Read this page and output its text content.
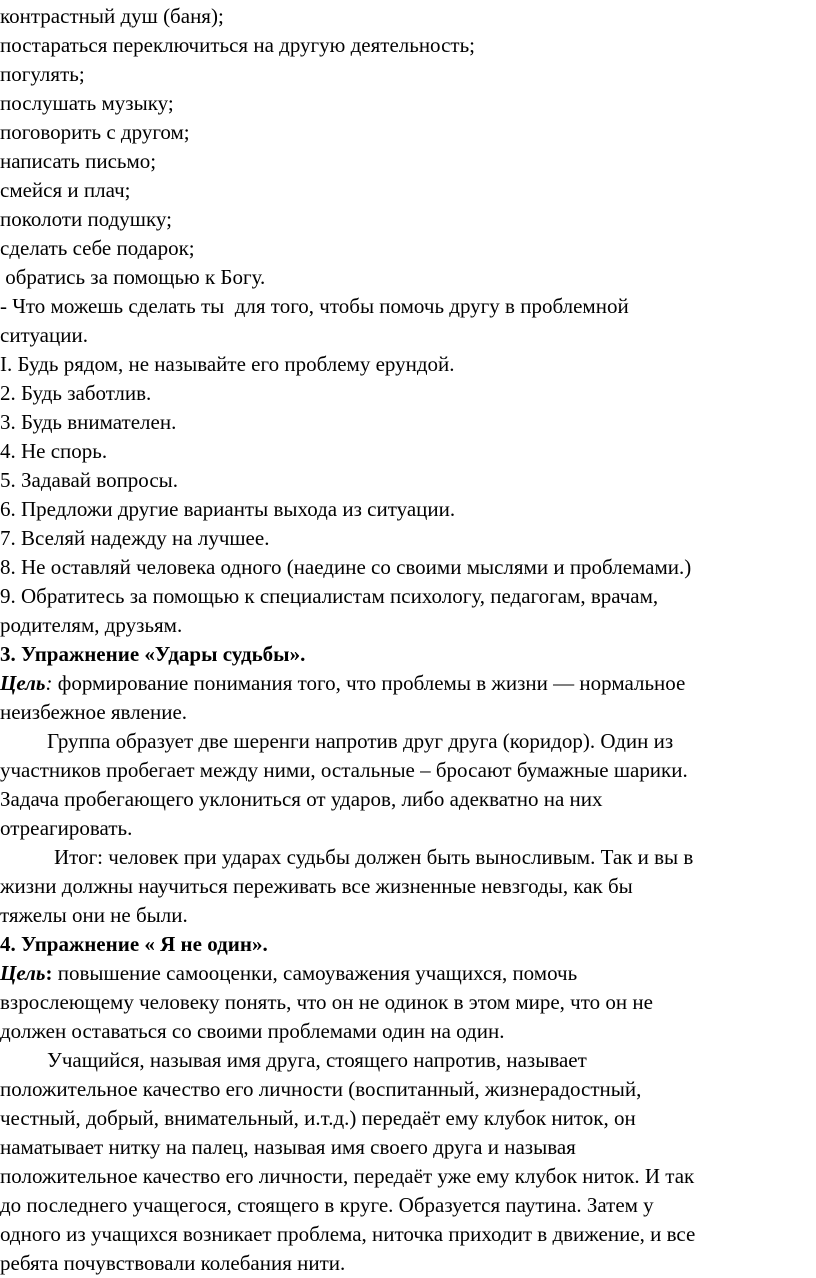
контрастный душ (баня);
постараться переключиться на другую деятельность;
погулять;
послушать музыку;
поговорить с другом;
написать письмо;
смейся и плач;
поколоти подушку;
сделать себе подарок;
обратись за помощью к Богу.
- Что можешь сделать ты  для того, чтобы помочь другу в проблемной
ситуации.
I. Будь рядом, не называйте его проблему ерундой.
2. Будь заботлив.
3. Будь внимателен.
4. Не спорь.
5. Задавай вопросы.
6. Предложи другие варианты выхода из ситуации.
7. Вселяй надежду на лучшее.
8. Не оставляй человека одного (наедине со своими мыслями и проблемами.)
9. Обратитесь за помощью к специалистам психологу, педагогам, врачам,
родителям, друзьям.
3. Упражнение «Удары судьбы».
Цель: формирование понимания того, что проблемы в жизни — нормальное
неизбежное явление.
Группа образует две шеренги напротив друг друга (коридор). Один из
участников пробегает между ними, остальные – бросают бумажные шарики.
Задача пробегающего уклониться от ударов, либо адекватно на них
отреагировать.
Итог: человек при ударах судьбы должен быть выносливым. Так и вы в
жизни должны научиться переживать все жизненные невзгоды, как бы
тяжелы они не были.
4. Упражнение « Я не один».
Цель: повышение самооценки, самоуважения учащихся, помочь
взрослеющему человеку понять, что он не одинок в этом мире, что он не
должен оставаться со своими проблемами один на один.
Учащийся, называя имя друга, стоящего напротив, называет
положительное качество его личности (воспитанный, жизнерадостный,
честный, добрый, внимательный, и.т.д.) передаёт ему клубок ниток, он
наматывает нитку на палец, называя имя своего друга и называя
положительное качество его личности, передаёт уже ему клубок ниток. И так
до последнего учащегося, стоящего в круге. Образуется паутина. Затем у
одного из учащихся возникает проблема, ниточка приходит в движение, и все
ребята почувствовали колебания нити.
